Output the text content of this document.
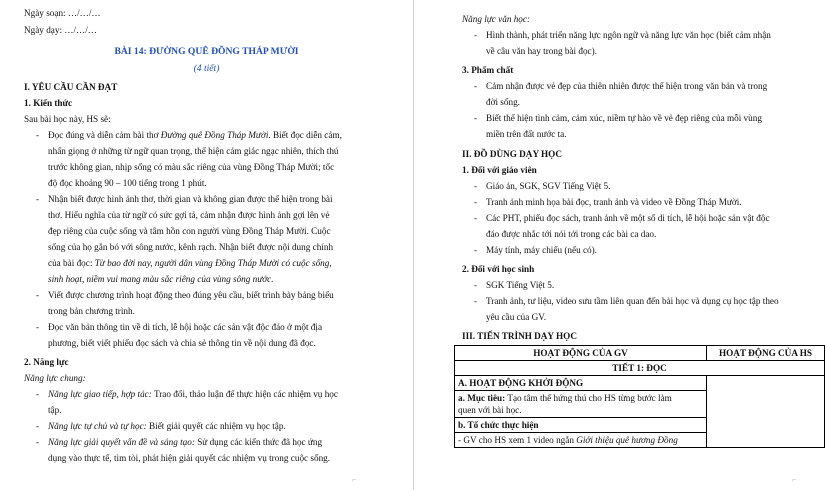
Ngày soạn: …/…/…
Ngày dạy: …/…/…
BÀI 14: ĐƯỜNG QUÊ ĐỒNG THÁP MƯỜI
(4 tiết)
I. YÊU CẦU CẦN ĐẠT
1. Kiến thức
Sau bài học này, HS sẽ:
- Đọc đúng và diễn cảm bài thơ Đường quê Đồng Tháp Mười. Biết đọc diễn cảm,
nhấn giọng ở những từ ngữ quan trọng, thể hiện cảm giác ngạc nhiên, thích thú
trước không gian, nhịp sống có màu sắc riêng của vùng Đồng Tháp Mười; tốc
độ đọc khoảng 90 – 100 tiếng trong 1 phút.
- Nhận biết được hình ảnh thơ, thời gian và không gian được thể hiện trong bài
thơ. Hiểu nghĩa của từ ngữ có sức gợi tả, cảm nhận được hình ảnh gợi lên vẻ
đẹp riêng của cuộc sống và tâm hồn con người vùng Đồng Tháp Mười. Cuộc
sống của họ gắn bó với sông nước, kênh rạch. Nhận biết được nội dung chính
của bài đọc: Từ bao đời nay, người dân vùng Đồng Tháp Mười có cuộc sống,
sinh hoạt, niềm vui mang màu sắc riêng của vùng sông nước.
- Viết được chương trình hoạt động theo đúng yêu cầu, biết trình bày bảng biểu
trong bản chương trình.
- Đọc văn bản thông tin về di tích, lễ hội hoặc các sản vật độc đáo ở một địa
phương, biết viết phiếu đọc sách và chia sẻ thông tin về nội dung đã đọc.
2. Năng lực
Năng lực chung:
- Năng lực giao tiếp, hợp tác: Trao đổi, thảo luận để thực hiện các nhiệm vụ học
tập.
- Năng lực tự chủ và tự học: Biết giải quyết các nhiệm vụ học tập.
- Năng lực giải quyết vấn đề và sáng tạo: Sử dụng các kiến thức đã học ứng
dụng vào thực tế, tìm tòi, phát hiện giải quyết các nhiệm vụ trong cuộc sống.
⌐
Năng lực văn học:
- Hình thành, phát triển năng lực ngôn ngữ và năng lực văn học (biết cảm nhận
về câu văn hay trong bài đọc).
3. Phẩm chất
- Cảm nhận được vẻ đẹp của thiên nhiên được thể hiện trong văn bản và trong
đời sống.
- Biết thể hiện tình cảm, cảm xúc, niềm tự hào về vẻ đẹp riêng của mỗi vùng
miền trên đất nước ta.
II. ĐỒ DÙNG DẠY HỌC
1. Đối với giáo viên
- Giáo án, SGK, SGV Tiếng Việt 5.
- Tranh ảnh minh họa bài đọc, tranh ảnh và video về Đồng Tháp Mười.
- Các PHT, phiếu đọc sách, tranh ảnh về một số di tích, lễ hội hoặc sản vật độc
đáo được nhắc tới nói tới trong các bài ca dao.
- Máy tính, máy chiếu (nếu có).
2. Đối với học sinh
- SGK Tiếng Việt 5.
- Tranh ảnh, tư liệu, video sưu tầm liên quan đến bài học và dụng cụ học tập theo
yêu cầu của GV.
III. TIẾN TRÌNH DẠY HỌC
HOẠT ĐỘNG CỦA GV	HOẠT ĐỘNG CỦA HS
TIẾT 1: ĐỌC	

A. HOẠT ĐỘNG KHỞI ĐỘNG
a. Mục tiêu: Tạo tâm thế hứng thú cho HS từng bước làm
quen với bài học.
b. Tổ chức thực hiện
- GV cho HS xem 1 video ngắn Giới thiệu quê hương Đồng	

⌐
